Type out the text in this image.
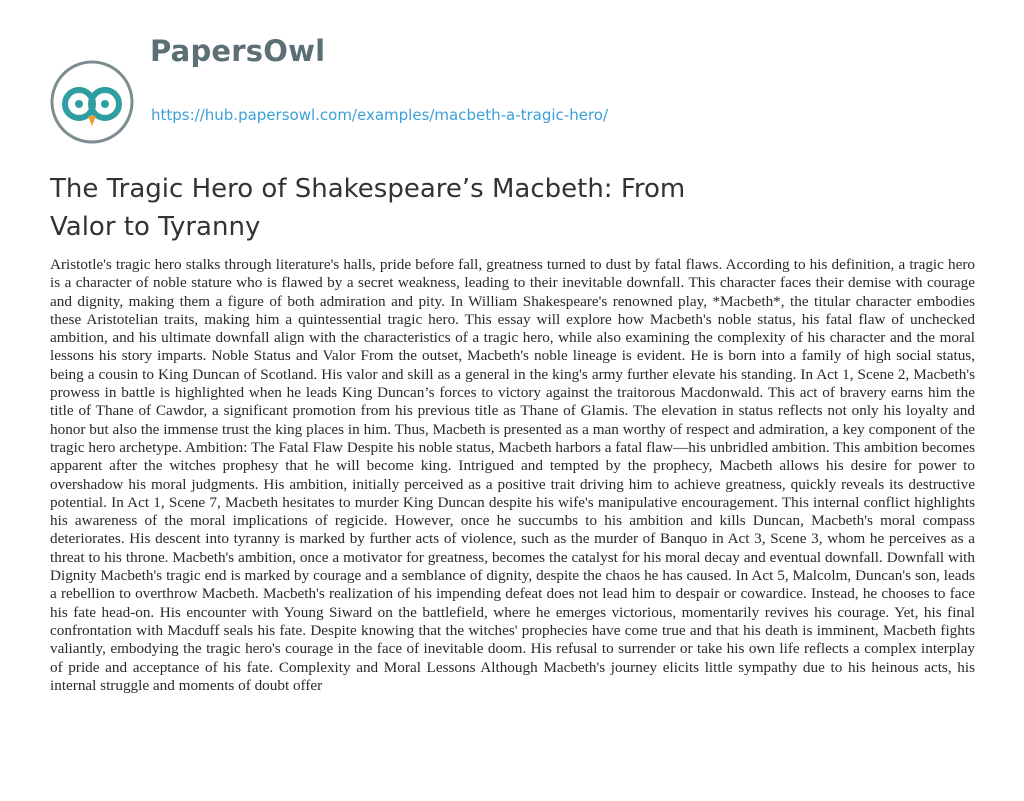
PapersOwl
https://hub.papersowl.com/examples/macbeth-a-tragic-hero/
The Tragic Hero of Shakespeare’s Macbeth: From Valor to Tyranny

Aristotle's tragic hero stalks through literature's halls, pride before fall, greatness turned to dust by fatal flaws. According to his definition, a tragic hero is a character of noble stature who is flawed by a secret weakness, leading to their inevitable downfall. This character faces their demise with courage and dignity, making them a figure of both admiration and pity. In William Shakespeare's renowned play, *Macbeth*, the titular character embodies these Aristotelian traits, making him a quintessential tragic hero. This essay will explore how Macbeth's noble status, his fatal flaw of unchecked ambition, and his ultimate downfall align with the characteristics of a tragic hero, while also examining the complexity of his character and the moral lessons his story imparts. Noble Status and Valor From the outset, Macbeth's noble lineage is evident. He is born into a family of high social status, being a cousin to King Duncan of Scotland. His valor and skill as a general in the king's army further elevate his standing. In Act 1, Scene 2, Macbeth's prowess in battle is highlighted when he leads King Duncan’s forces to victory against the traitorous Macdonwald. This act of bravery earns him the title of Thane of Cawdor, a significant promotion from his previous title as Thane of Glamis. The elevation in status reflects not only his loyalty and honor but also the immense trust the king places in him. Thus, Macbeth is presented as a man worthy of respect and admiration, a key component of the tragic hero archetype. Ambition: The Fatal Flaw Despite his noble status, Macbeth harbors a fatal flaw—his unbridled ambition. This ambition becomes apparent after the witches prophesy that he will become king. Intrigued and tempted by the prophecy, Macbeth allows his desire for power to overshadow his moral judgments. His ambition, initially perceived as a positive trait driving him to achieve greatness, quickly reveals its destructive potential. In Act 1, Scene 7, Macbeth hesitates to murder King Duncan despite his wife's manipulative encouragement. This internal conflict highlights his awareness of the moral implications of regicide. However, once he succumbs to his ambition and kills Duncan, Macbeth's moral compass deteriorates. His descent into tyranny is marked by further acts of violence, such as the murder of Banquo in Act 3, Scene 3, whom he perceives as a threat to his throne. Macbeth's ambition, once a motivator for greatness, becomes the catalyst for his moral decay and eventual downfall. Downfall with Dignity Macbeth's tragic end is marked by courage and a semblance of dignity, despite the chaos he has caused. In Act 5, Malcolm, Duncan's son, leads a rebellion to overthrow Macbeth. Macbeth's realization of his impending defeat does not lead him to despair or cowardice. Instead, he chooses to face his fate head-on. His encounter with Young Siward on the battlefield, where he emerges victorious, momentarily revives his courage. Yet, his final confrontation with Macduff seals his fate. Despite knowing that the witches' prophecies have come true and that his death is imminent, Macbeth fights valiantly, embodying the tragic hero's courage in the face of inevitable doom. His refusal to surrender or take his own life reflects a complex interplay of pride and acceptance of his fate. Complexity and Moral Lessons Although Macbeth's journey elicits little sympathy due to his heinous acts, his internal struggle and moments of doubt offer
